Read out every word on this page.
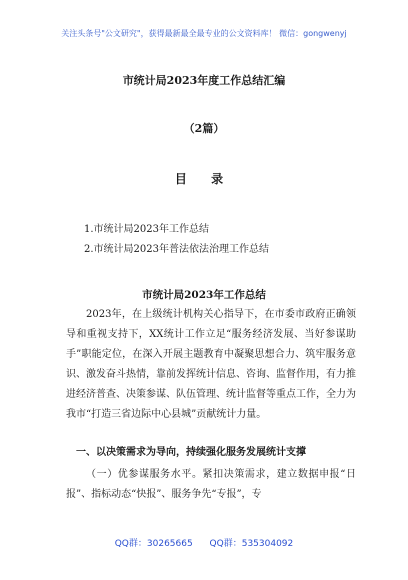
关注头条号"公文研究"，获得最新最全最专业的公文资料库！ 微信：gongwenyj
市统计局2023年度工作总结汇编
（2篇）
目 录
1.市统计局2023年工作总结
2.市统计局2023年普法依法治理工作总结
市统计局2023年工作总结

2023年，在上级统计机构关心指导下，在市委市政府正确领导和重视支持下，XX统计工作立足“服务经济发展、当好参谋助手”职能定位，在深入开展主题教育中凝聚思想合力、筑牢服务意识、激发奋斗热情，靠前发挥统计信息、咨询、监督作用，有力推进经济普查、决策参谋、队伍管理、统计监督等重点工作，全力为我市“打造三省边际中心县城”贡献统计力量。

一、以决策需求为导向，持续强化服务发展统计支撑

（一）优参谋服务水平。紧扣决策需求，建立数据申报“日报”、指标动态“快报”、服务争先“专报”，专

QQ群：30265665 QQ群：535304092
